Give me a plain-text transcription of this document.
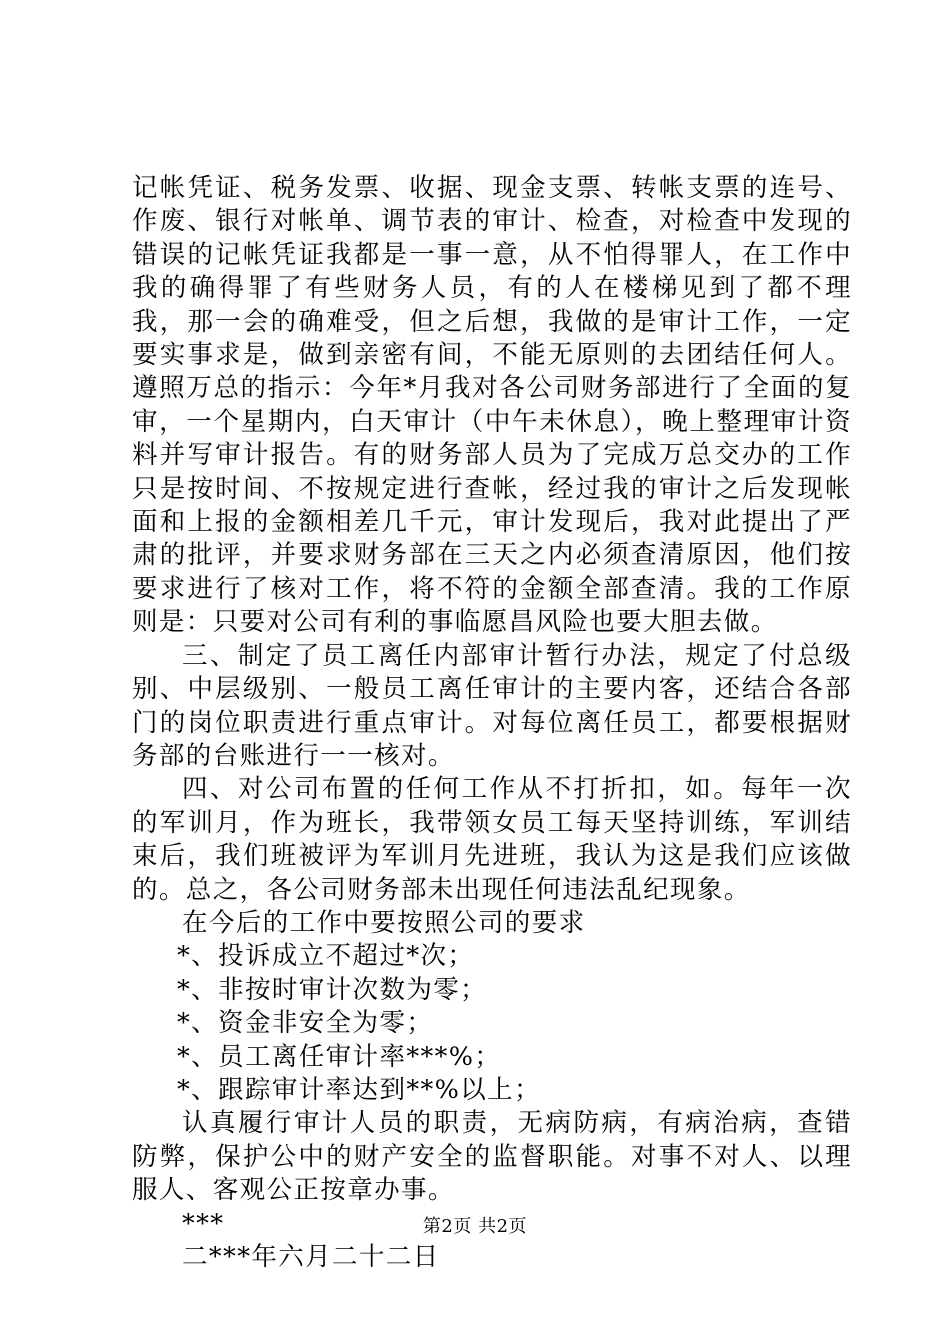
记帐凭证、税务发票、收据、现金支票、转帐支票的连号、作废、银行对帐单、调节表的审计、检查，对检查中发现的错误的记帐凭证我都是一事一意，从不怕得罪人，在工作中我的确得罪了有些财务人员，有的人在楼梯见到了都不理我，那一会的确难受，但之后想，我做的是审计工作，一定要实事求是，做到亲密有间，不能无原则的去团结任何人。遵照万总的指示：今年*月我对各公司财务部进行了全面的复审，一个星期内，白天审计（中午未休息），晚上整理审计资料并写审计报告。有的财务部人员为了完成万总交办的工作只是按时间、不按规定进行查帐，经过我的审计之后发现帐面和上报的金额相差几千元，审计发现后，我对此提出了严肃的批评，并要求财务部在三天之内必须查清原因，他们按要求进行了核对工作，将不符的金额全部查清。我的工作原则是：只要对公司有利的事临愿昌风险也要大胆去做。

三、制定了员工离任内部审计暂行办法，规定了付总级别、中层级别、一般员工离任审计的主要内客，还结合各部门的岗位职责进行重点审计。对每位离任员工，都要根据财务部的台账进行一一核对。

四、对公司布置的任何工作从不打折扣，如。每年一次的军训月，作为班长，我带领女员工每天坚持训练，军训结束后，我们班被评为军训月先进班，我认为这是我们应该做的。总之，各公司财务部未出现任何违法乱纪现象。

在今后的工作中要按照公司的要求

*、投诉成立不超过*次；

*、非按时审计次数为零；

*、资金非安全为零；

*、员工离任审计率***%；

*、跟踪审计率达到**%以上；

认真履行审计人员的职责，无病防病，有病治病，查错防弊，保护公中的财产安全的监督职能。对事不对人、以理服人、客观公正按章办事。

***

二***年六月二十二日

第2页 共2页
